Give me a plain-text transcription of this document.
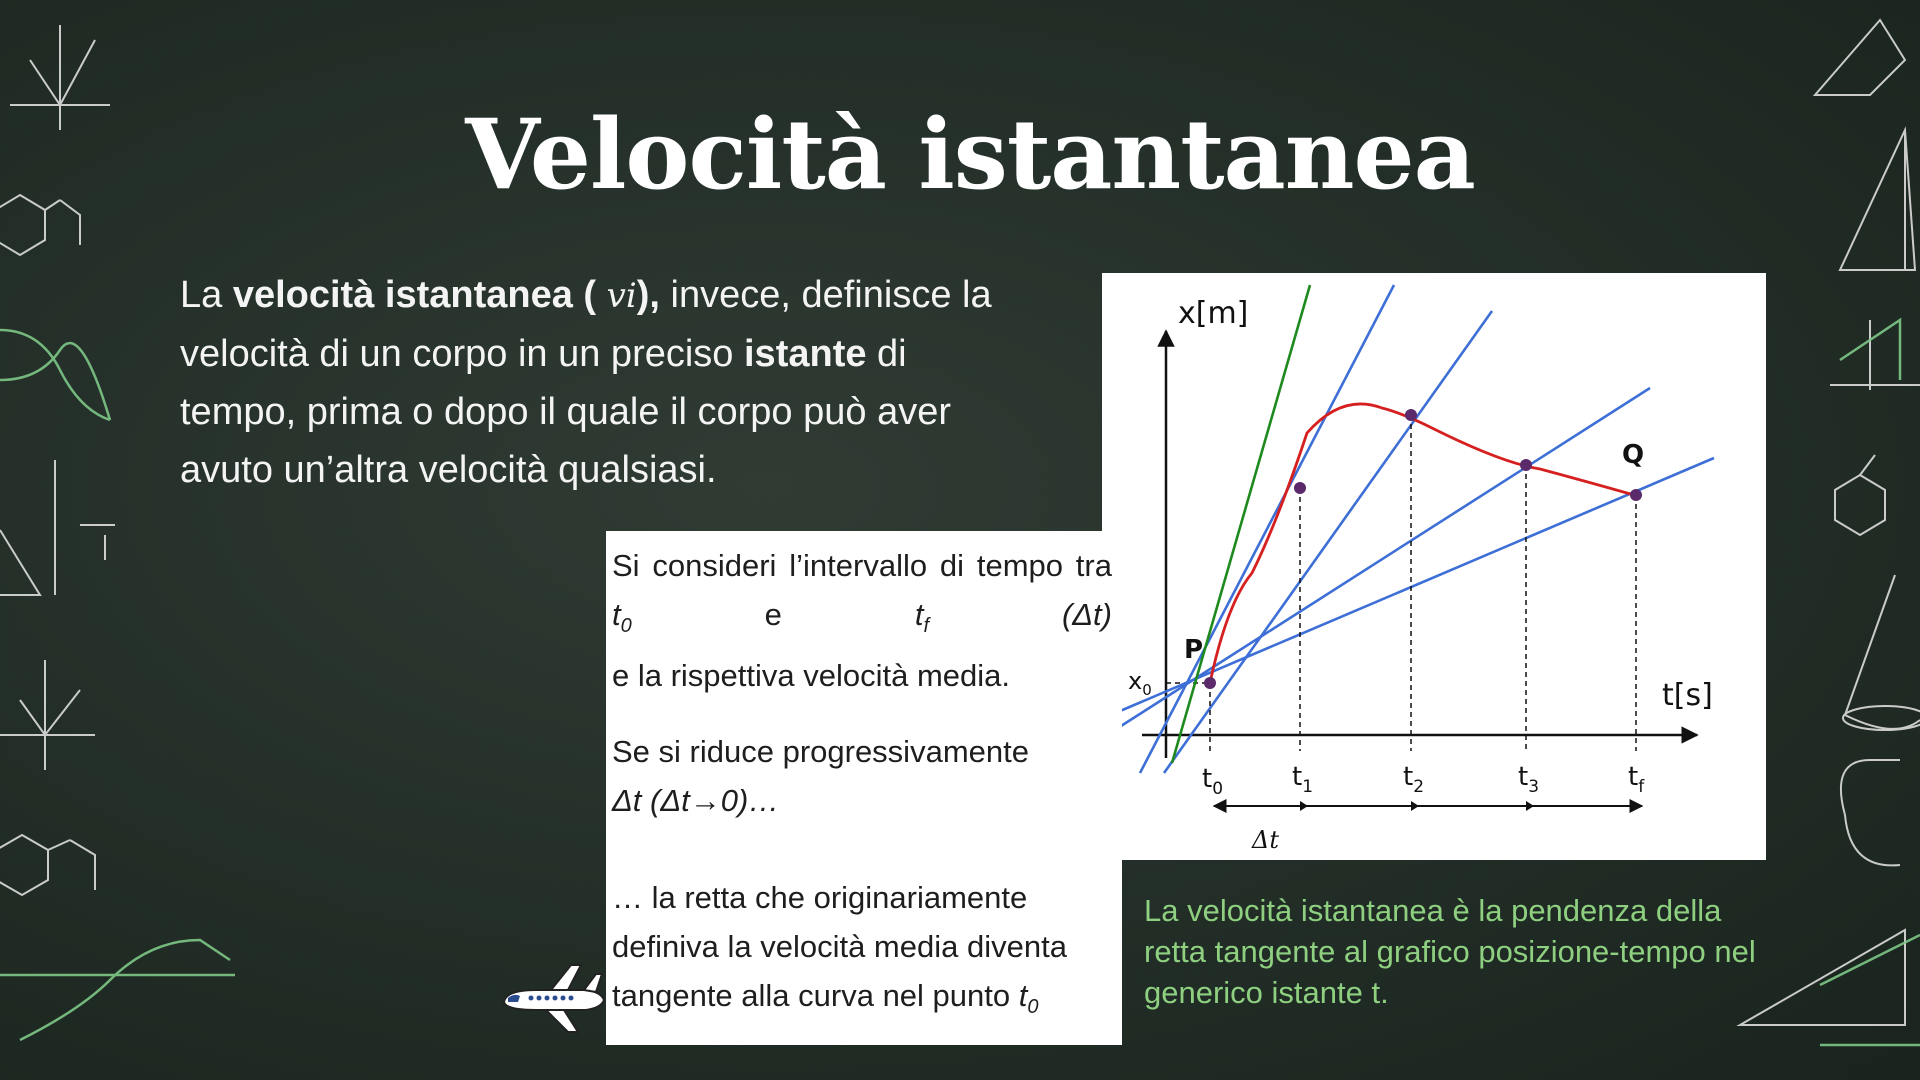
Velocità istantanea
La velocità istantanea ( vi), invece, definisce la velocità di un corpo in un preciso istante di tempo, prima o dopo il quale il corpo può aver avuto un’altra velocità qualsiasi.
x[m]
t[s]
$x_0$
P
Q
$t_0$	$t_1$	$t_2$	$t_3$	$t_f$
Δt

Si consideri l’intervallo di tempo tra $t_0$ e $t_f$	(Δt)
e la rispettiva velocità media.

Se si riduce progressivamente
Δt (Δt→0)…

… la retta che originariamente definiva la velocità media diventa tangente alla curva nel punto $t_0$

La velocità istantanea è la pendenza della retta tangente al grafico posizione-tempo nel generico istante t.
